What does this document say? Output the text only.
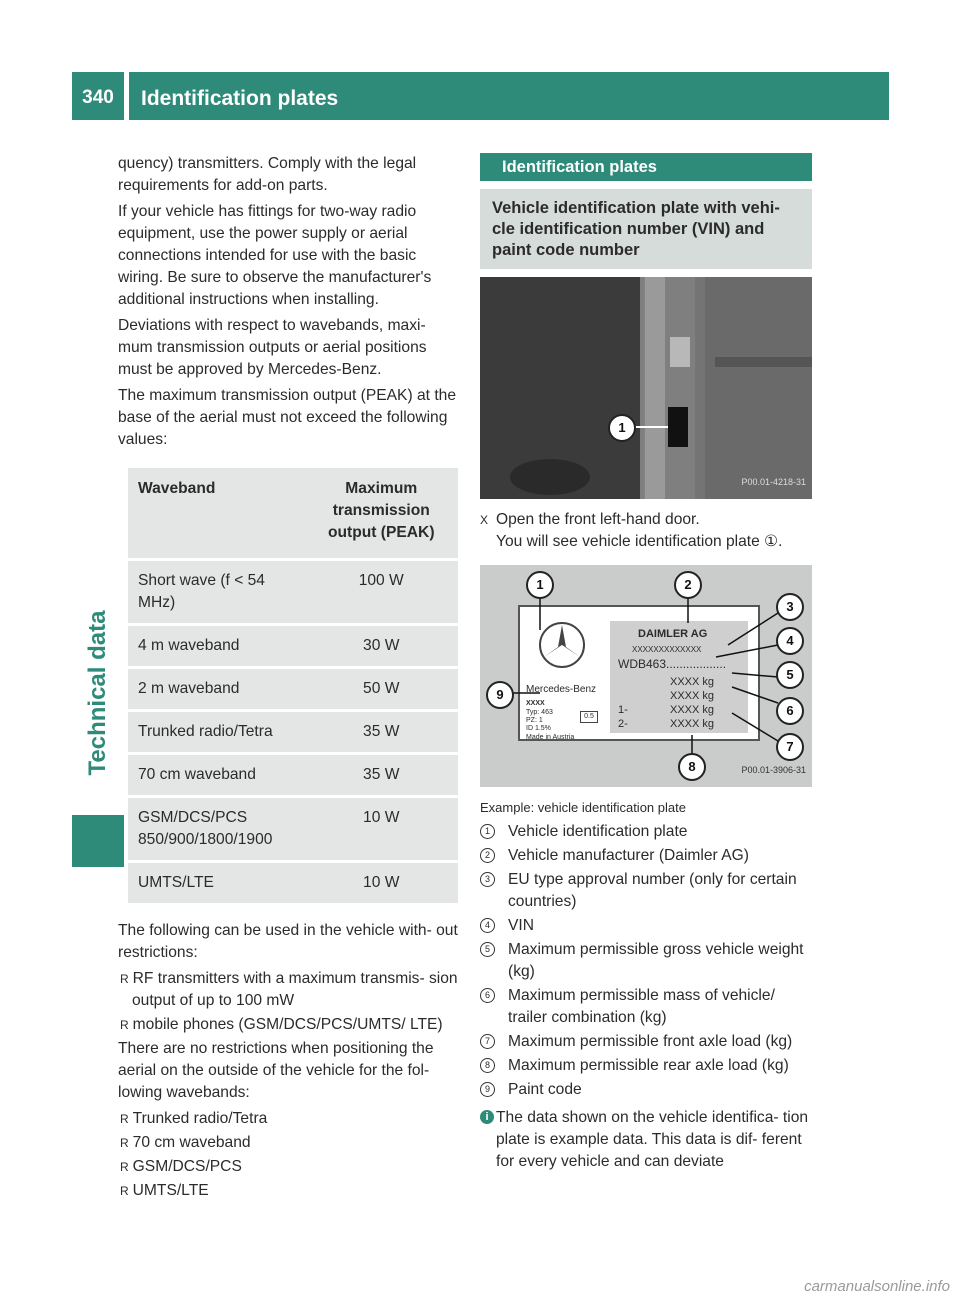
340	Identification plates
Technical data

quency) transmitters. Comply with the legal requirements for add-on parts.

If your vehicle has fittings for two-way radio equipment, use the power supply or aerial connections intended for use with the basic wiring. Be sure to observe the manufacturer's additional instructions when installing.

Deviations with respect to wavebands, maxi- mum transmission outputs or aerial positions must be approved by Mercedes-Benz.

The maximum transmission output (PEAK) at the base of the aerial must not exceed the following values:

Waveband	Maximum transmission output (PEAK)
Short wave (f < 54 MHz)	100 W
4 m waveband	30 W
2 m waveband	50 W
Trunked radio/Tetra	35 W
70 cm waveband	35 W
GSM/DCS/PCS 850/900/1800/1900	10 W
UMTS/LTE	10 W

The following can be used in the vehicle with- out restrictions:

R RF transmitters with a maximum transmis- sion output of up to 100 mW
R mobile phones (GSM/DCS/PCS/UMTS/ LTE)

There are no restrictions when positioning the aerial on the outside of the vehicle for the fol- lowing wavebands:

R Trunked radio/Tetra
R 70 cm waveband
R GSM/DCS/PCS
R UMTS/LTE
Identification plates
Vehicle identification plate with vehi- cle identification number (VIN) and paint code number
1
P00.01-4218-31
X Open the front left-hand door.
You will see vehicle identification plate ①.
Mercedes-Benz
DAIMLER AG
XXXXXXXXXXXXX
WDB463..................
XXXX kg
XXXX kg
XXXX kg
XXXX kg
1-
2-
XXXX
Typ: 463
PZ: 1
ID 1.5%
0.5
Made in Austria
1	2
3
4
5
6
7
8
9
P00.01-3906-31
Example: vehicle identification plate
1	Vehicle identification plate
2	Vehicle manufacturer (Daimler AG)
3	EU type approval number (only for certain countries)
4	VIN
5	Maximum permissible gross vehicle weight (kg)
6	Maximum permissible mass of vehicle/ trailer combination (kg)
7	Maximum permissible front axle load (kg)
8	Maximum permissible rear axle load (kg)
9	Paint code
i The data shown on the vehicle identifica- tion plate is example data. This data is dif- ferent for every vehicle and can deviate
carmanualsonline.info
